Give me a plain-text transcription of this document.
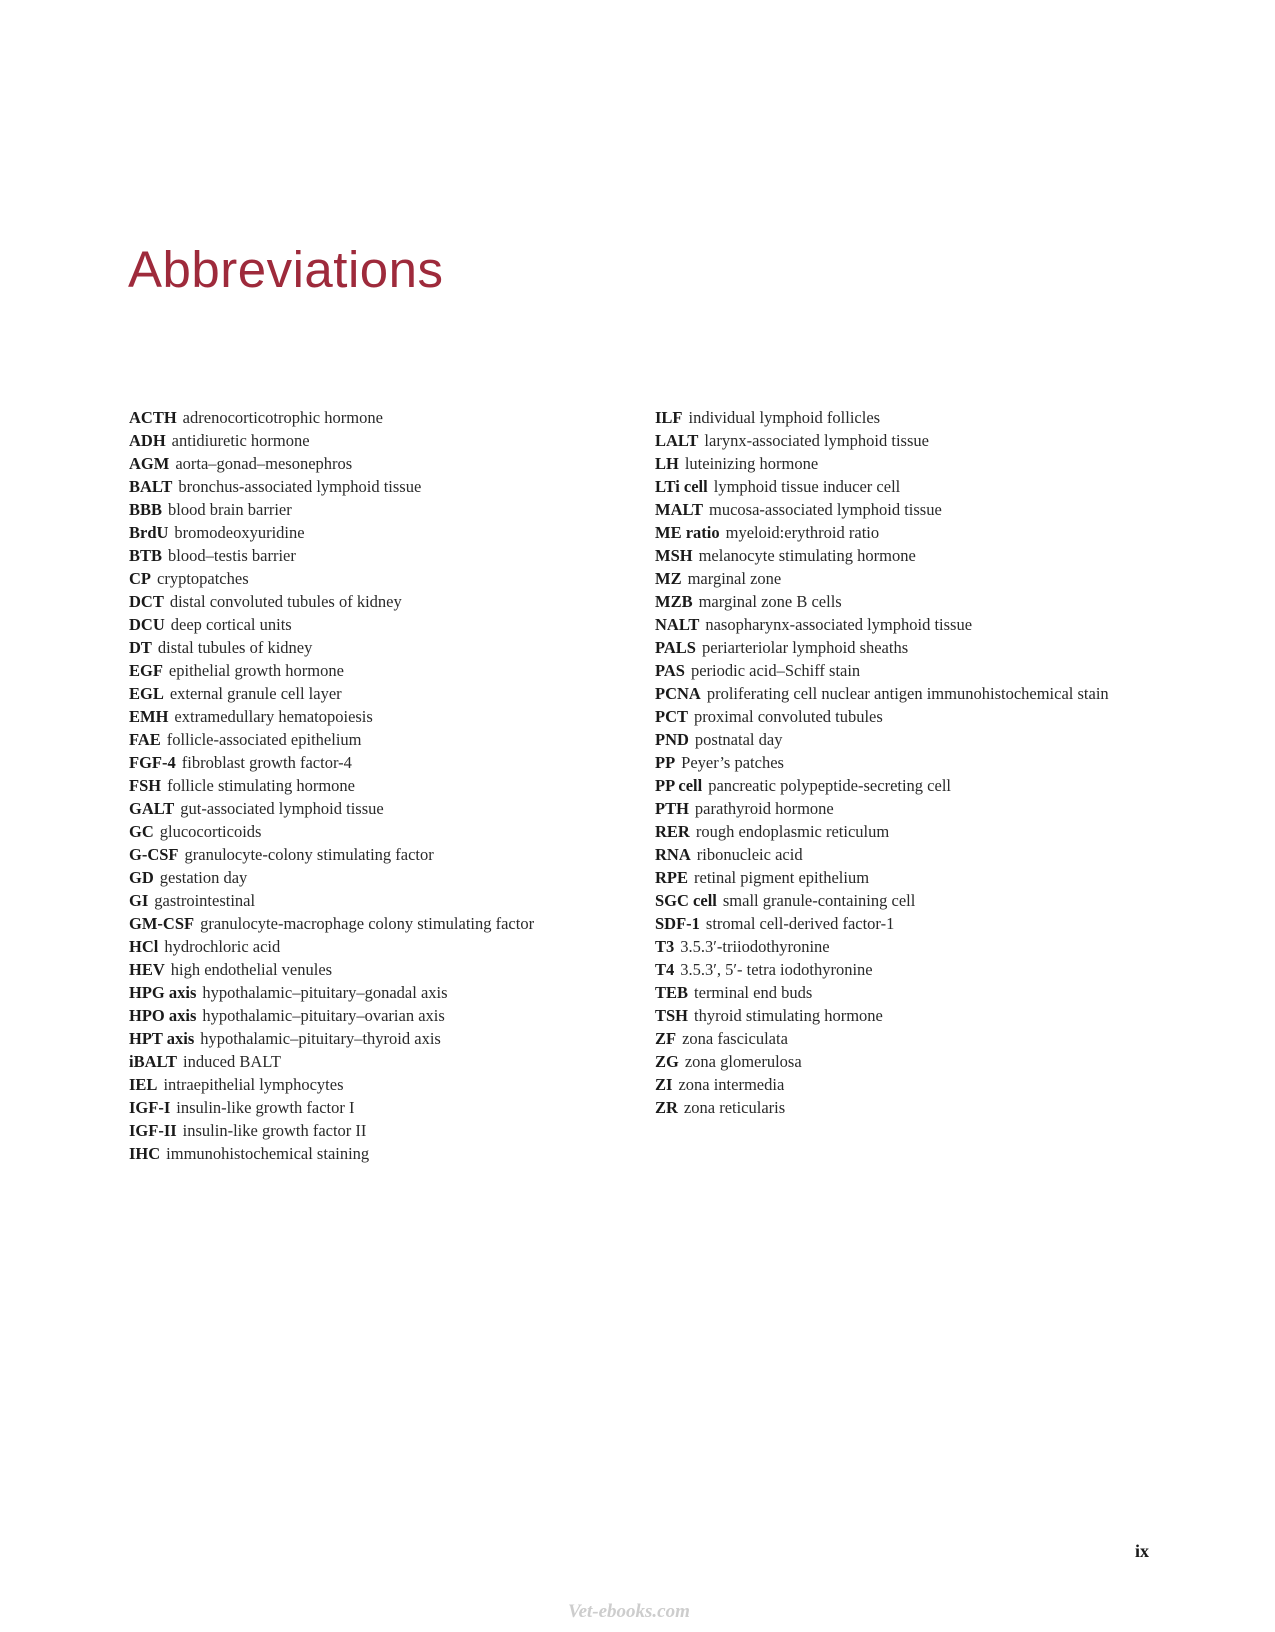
Abbreviations
ACTH adrenocorticotrophic hormone
ADH antidiuretic hormone
AGM aorta–gonad–mesonephros
BALT bronchus-associated lymphoid tissue
BBB blood brain barrier
BrdU bromodeoxyuridine
BTB blood–testis barrier
CP cryptopatches
DCT distal convoluted tubules of kidney
DCU deep cortical units
DT distal tubules of kidney
EGF epithelial growth hormone
EGL external granule cell layer
EMH extramedullary hematopoiesis
FAE follicle-associated epithelium
FGF-4 fibroblast growth factor-4
FSH follicle stimulating hormone
GALT gut-associated lymphoid tissue
GC glucocorticoids
G-CSF granulocyte-colony stimulating factor
GD gestation day
GI gastrointestinal
GM-CSF granulocyte-macrophage colony stimulating factor
HCl hydrochloric acid
HEV high endothelial venules
HPG axis hypothalamic–pituitary–gonadal axis
HPO axis hypothalamic–pituitary–ovarian axis
HPT axis hypothalamic–pituitary–thyroid axis
iBALT induced BALT
IEL intraepithelial lymphocytes
IGF-I insulin-like growth factor I
IGF-II insulin-like growth factor II
IHC immunohistochemical staining
ILF individual lymphoid follicles
LALT larynx-associated lymphoid tissue
LH luteinizing hormone
LTi cell lymphoid tissue inducer cell
MALT mucosa-associated lymphoid tissue
ME ratio myeloid:erythroid ratio
MSH melanocyte stimulating hormone
MZ marginal zone
MZB marginal zone B cells
NALT nasopharynx-associated lymphoid tissue
PALS periarteriolar lymphoid sheaths
PAS periodic acid–Schiff stain
PCNA proliferating cell nuclear antigen immunohistochemical stain
PCT proximal convoluted tubules
PND postnatal day
PP Peyer’s patches
PP cell pancreatic polypeptide-secreting cell
PTH parathyroid hormone
RER rough endoplasmic reticulum
RNA ribonucleic acid
RPE retinal pigment epithelium
SGC cell small granule-containing cell
SDF-1 stromal cell-derived factor-1
T3 3.5.3′-triiodothyronine
T4 3.5.3′, 5′- tetra iodothyronine
TEB terminal end buds
TSH thyroid stimulating hormone
ZF zona fasciculata
ZG zona glomerulosa
ZI zona intermedia
ZR zona reticularis
ix
Vet-ebooks.com
